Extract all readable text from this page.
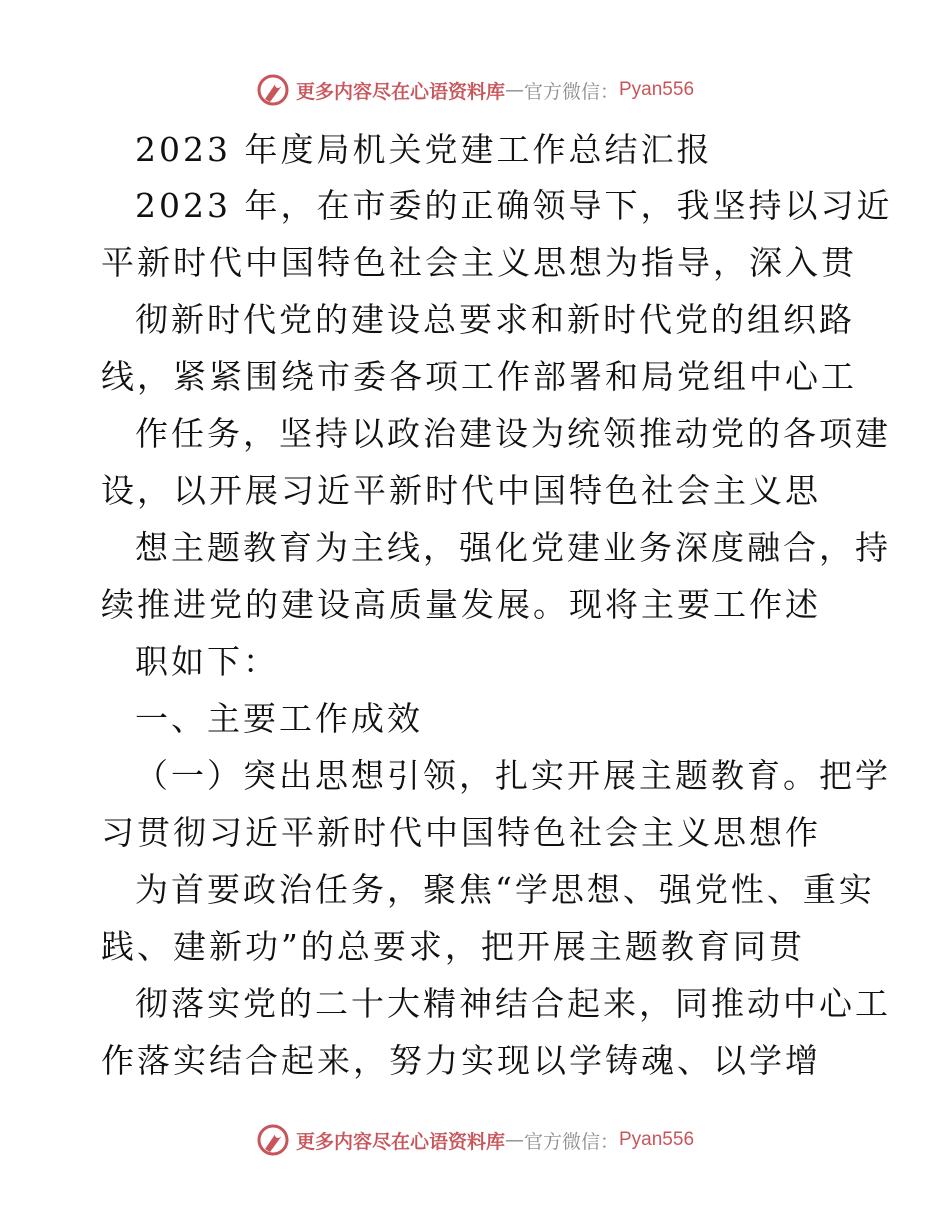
更多内容尽在心语资料库 — 官方微信： Pyan556
2023 年度局机关党建工作总结汇报
2023 年，在市委的正确领导下，我坚持以习近
平新时代中国特色社会主义思想为指导，深入贯
彻新时代党的建设总要求和新时代党的组织路
线，紧紧围绕市委各项工作部署和局党组中心工
作任务，坚持以政治建设为统领推动党的各项建
设，以开展习近平新时代中国特色社会主义思
想主题教育为主线，强化党建业务深度融合，持
续推进党的建设高质量发展。现将主要工作述
职如下：
一、主要工作成效
（一）突出思想引领，扎实开展主题教育。把学
习贯彻习近平新时代中国特色社会主义思想作
为首要政治任务，聚焦“学思想、强党性、重实
践、建新功”的总要求，把开展主题教育同贯
彻落实党的二十大精神结合起来，同推动中心工
作落实结合起来，努力实现以学铸魂、以学增
更多内容尽在心语资料库 — 官方微信： Pyan556
